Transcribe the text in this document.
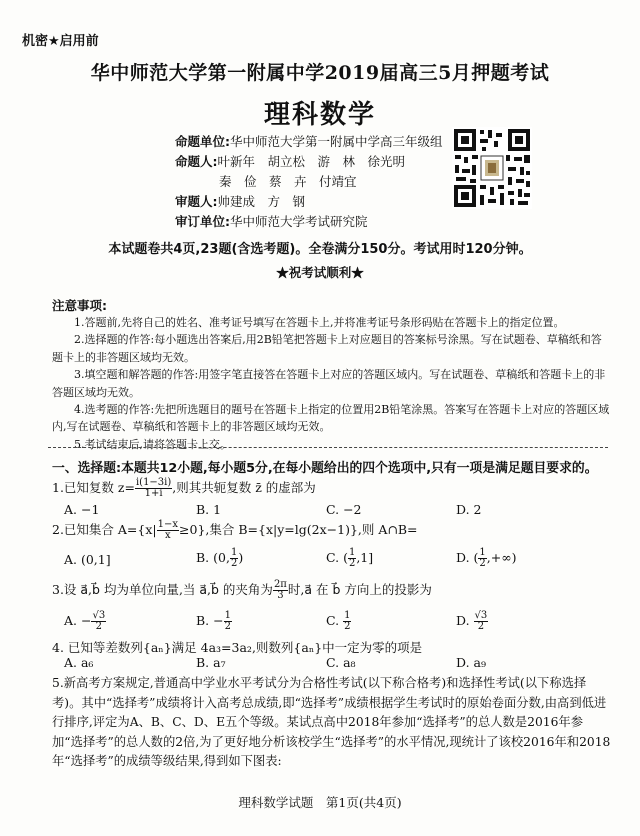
机密★启用前
华中师范大学第一附属中学2019届高三5月押题考试
理科数学
命题单位:华中师范大学第一附属中学高三年级组
命题人:叶新年　胡立松　游　林　徐光明
秦　俭　蔡　卉　付靖宜
审题人:帅建成　方　钢
审订单位:华中师范大学考试研究院
本试题卷共4页,23题(含选考题)。全卷满分150分。考试用时120分钟。
★祝考试顺利★
注意事项:

1.答题前,先将自己的姓名、准考证号填写在答题卡上,并将准考证号条形码贴在答题卡上的指定位置。

2.选择题的作答:每小题选出答案后,用2B铅笔把答题卡上对应题目的答案标号涂黑。写在试题卷、草稿纸和答题卡上的非答题区域均无效。

3.填空题和解答题的作答:用签字笔直接答在答题卡上对应的答题区域内。写在试题卷、草稿纸和答题卡上的非答题区域均无效。

4.选考题的作答:先把所选题目的题号在答题卡上指定的位置用2B铅笔涂黑。答案写在答题卡上对应的答题区域内,写在试题卷、草稿纸和答题卡上的非答题区域均无效。

5.考试结束后,请将答题卡上交。

一、选择题:本题共12小题,每小题5分,在每小题给出的四个选项中,只有一项是满足题目要求的。
1.已知复数 $z= \frac{i(1-3i)}{1+i}$ ,则其共轭复数 z̄ 的虚部为
A. −1	B. 1	C. −2	D. 2
2.已知集合 $A=\{x| \frac{1-x}{x} \ge 0\}$,集合 B={x|y=lg(2x−1)},则 A∩B=
A. (0,1]	B. (0, $\frac{1}{2}$ )	C. ( $\frac{1}{2} ,1$]	D. ( $\frac{1}{2}$ ,+∞)
3.设 a⃗,b⃗ 均为单位向量,当 a⃗,b⃗ 的夹角为 $\frac{2\pi}{3}$ 时,a⃗ 在 b⃗ 方向上的投影为
A. − $\frac{√3}{2}$	B. − $\frac{1}{2}$	C. $\frac{1}{2}$	D. $\frac{√3}{2}$
4. 已知等差数列{aₙ}满足 4a₃=3a₂,则数列{aₙ}中一定为零的项是
A. a₆	B. a₇	C. a₈	D. a₉
5.新高考方案规定,普通高中学业水平考试分为合格性考试(以下称合格考)和选择性考试(以下称选择考)。其中“选择考”成绩将计入高考总成绩,即“选择考”成绩根据学生考试时的原始卷面分数,由高到低进行排序,评定为A、B、C、D、E五个等级。某试点高中2018年参加“选择考”的总人数是2016年参加“选择考”的总人数的2倍,为了更好地分析该校学生“选择考”的水平情况,现统计了该校2016年和2018年“选择考”的成绩等级结果,得到如下图表:
理科数学试题　第1页(共4页)
